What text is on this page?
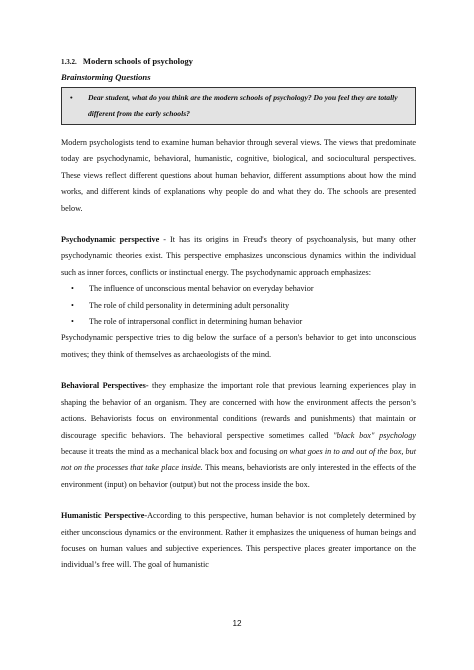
1.3.2. Modern schools of psychology
Brainstorming Questions
•	Dear student, what do you think are the modern schools of psychology? Do you feel they are totally different from the early schools?

Modern psychologists tend to examine human behavior through several views. The views that predominate today are psychodynamic, behavioral, humanistic, cognitive, biological, and sociocultural perspectives. These views reflect different questions about human behavior, different assumptions about how the mind works, and different kinds of explanations why people do and what they do. The schools are presented below.

Psychodynamic perspective - It has its origins in Freud's theory of psychoanalysis, but many other psychodynamic theories exist. This perspective emphasizes unconscious dynamics within the individual such as inner forces, conflicts or instinctual energy. The psychodynamic approach emphasizes:

•	The influence of unconscious mental behavior on everyday behavior
•	The role of child personality in determining adult personality
•	The role of intrapersonal conflict in determining human behavior

Psychodynamic perspective tries to dig below the surface of a person's behavior to get into unconscious motives; they think of themselves as archaeologists of the mind.

Behavioral Perspectives- they emphasize the important role that previous learning experiences play in shaping the behavior of an organism. They are concerned with how the environment affects the person’s actions. Behaviorists focus on environmental conditions (rewards and punishments) that maintain or discourage specific behaviors. The behavioral perspective sometimes called "black box" psychology because it treats the mind as a mechanical black box and focusing on what goes in to and out of the box, but not on the processes that take place inside. This means, behaviorists are only interested in the effects of the environment (input) on behavior (output) but not the process inside the box.

Humanistic Perspective-According to this perspective, human behavior is not completely determined by either unconscious dynamics or the environment. Rather it emphasizes the uniqueness of human beings and focuses on human values and subjective experiences. This perspective places greater importance on the individual’s free will. The goal of humanistic

12
